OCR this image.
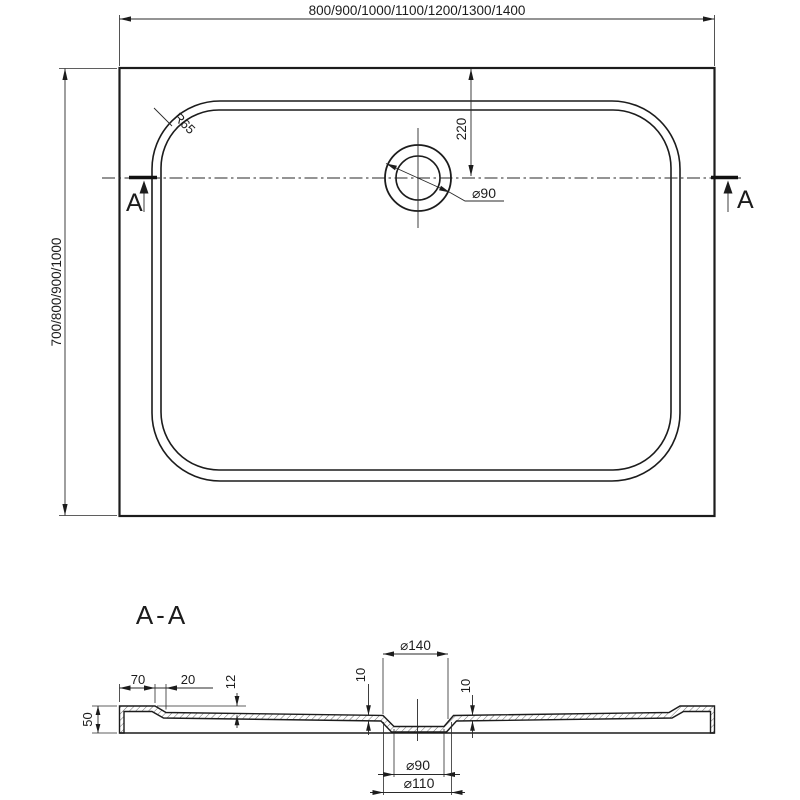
800/900/1000/1100/1200/1300/1400
700/800/900/1000
220
⌀90
R65
A	A
A-A
50
70	20 12
⌀140
10
10
⌀90
⌀110
